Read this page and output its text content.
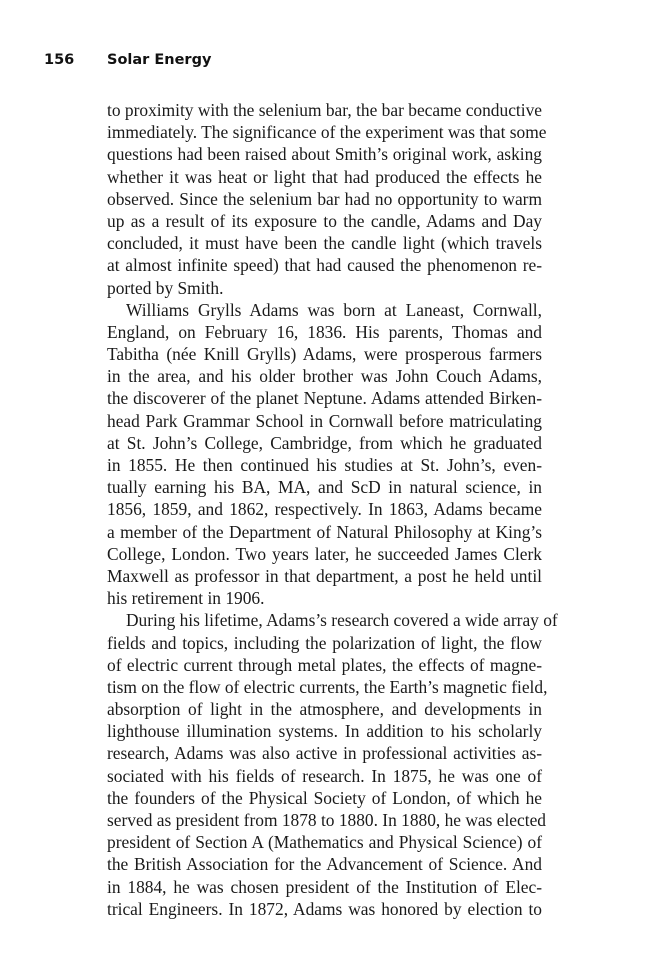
156	Solar Energy
to proximity with the selenium bar, the bar became conductive
immediately. The significance of the experiment was that some
questions had been raised about Smith’s original work, asking
whether it was heat or light that had produced the effects he
observed. Since the selenium bar had no opportunity to warm
up as a result of its exposure to the candle, Adams and Day
concluded, it must have been the candle light (which travels
at almost infinite speed) that had caused the phenomenon re-
ported by Smith.
Williams Grylls Adams was born at Laneast, Cornwall,
England, on February 16, 1836. His parents, Thomas and
Tabitha (née Knill Grylls) Adams, were prosperous farmers
in the area, and his older brother was John Couch Adams,
the discoverer of the planet Neptune. Adams attended Birken-
head Park Grammar School in Cornwall before matriculating
at St. John’s College, Cambridge, from which he graduated
in 1855. He then continued his studies at St. John’s, even-
tually earning his BA, MA, and ScD in natural science, in
1856, 1859, and 1862, respectively. In 1863, Adams became
a member of the Department of Natural Philosophy at King’s
College, London. Two years later, he succeeded James Clerk
Maxwell as professor in that department, a post he held until
his retirement in 1906.
During his lifetime, Adams’s research covered a wide array of
fields and topics, including the polarization of light, the flow
of electric current through metal plates, the effects of magne-
tism on the flow of electric currents, the Earth’s magnetic field,
absorption of light in the atmosphere, and developments in
lighthouse illumination systems. In addition to his scholarly
research, Adams was also active in professional activities as-
sociated with his fields of research. In 1875, he was one of
the founders of the Physical Society of London, of which he
served as president from 1878 to 1880. In 1880, he was elected
president of Section A (Mathematics and Physical Science) of
the British Association for the Advancement of Science. And
in 1884, he was chosen president of the Institution of Elec-
trical Engineers. In 1872, Adams was honored by election to
